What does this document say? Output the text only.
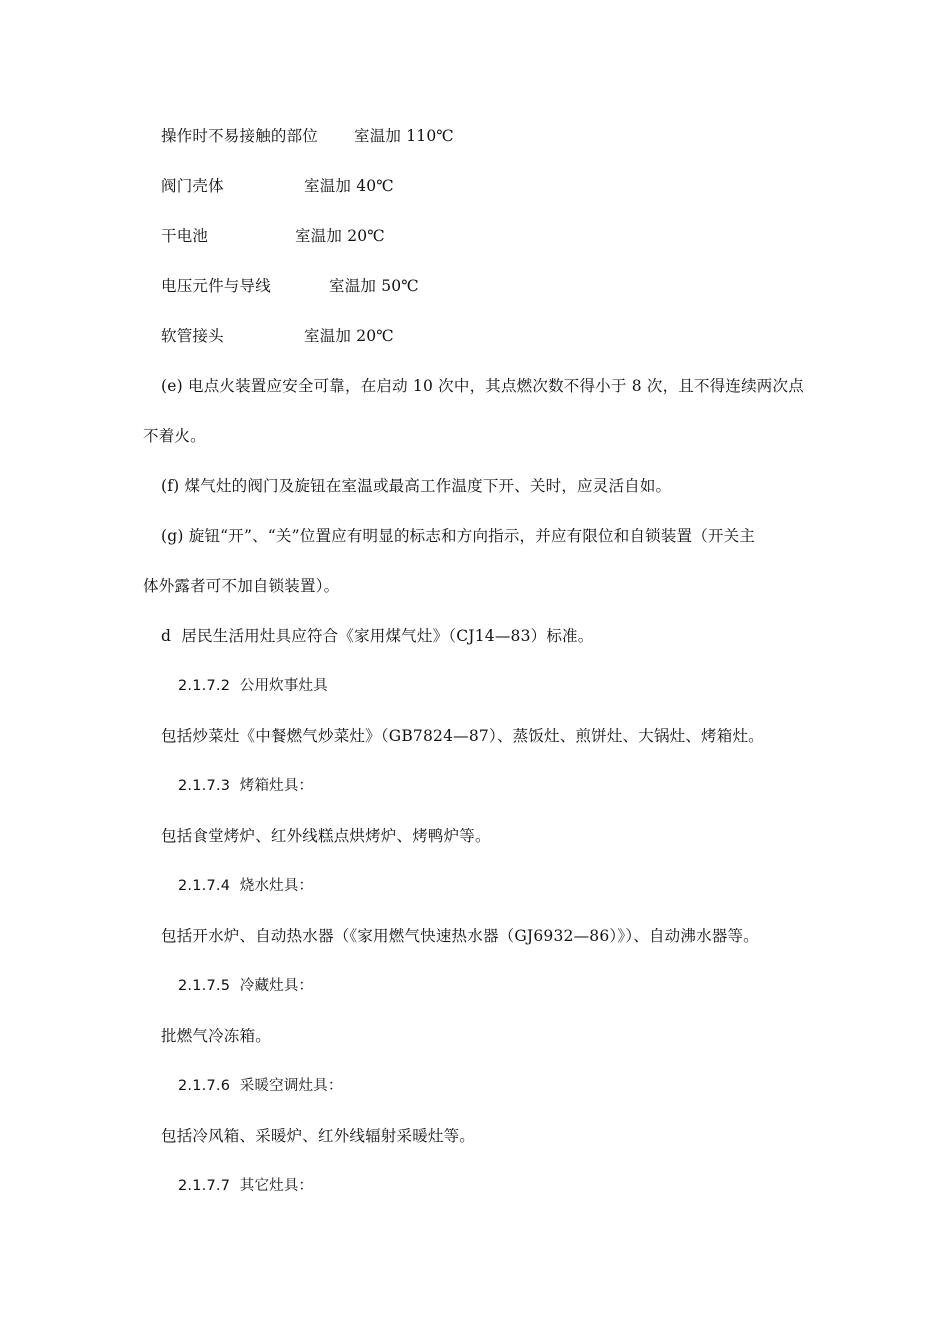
操作时不易接触的部位 室温加 110℃
阀门壳体	室温加 40℃
干电池	室温加 20℃
电压元件与导线	室温加 50℃
软管接头	室温加 20℃
(e) 电点火装置应安全可靠，在启动 10 次中，其点燃次数不得小于 8 次，且不得连续两次点
不着火。
(f) 煤气灶的阀门及旋钮在室温或最高工作温度下开、关时，应灵活自如。
(g) 旋钮“开”、“关”位置应有明显的标志和方向指示，并应有限位和自锁装置（开关主
体外露者可不加自锁装置）。
d  居民生活用灶具应符合《家用煤气灶》（CJ14—83）标准。
2.1.7.2  公用炊事灶具
包括炒菜灶《中餐燃气炒菜灶》（GB7824—87）、蒸饭灶、煎饼灶、大锅灶、烤箱灶。
2.1.7.3  烤箱灶具：
包括食堂烤炉、红外线糕点烘烤炉、烤鸭炉等。
2.1.7.4  烧水灶具：
包括开水炉、自动热水器（《家用燃气快速热水器（GJ6932—86）》）、自动沸水器等。
2.1.7.5  冷藏灶具：
批燃气冷冻箱。
2.1.7.6  采暖空调灶具：
包括冷风箱、采暖炉、红外线辐射采暖灶等。
2.1.7.7  其它灶具：
